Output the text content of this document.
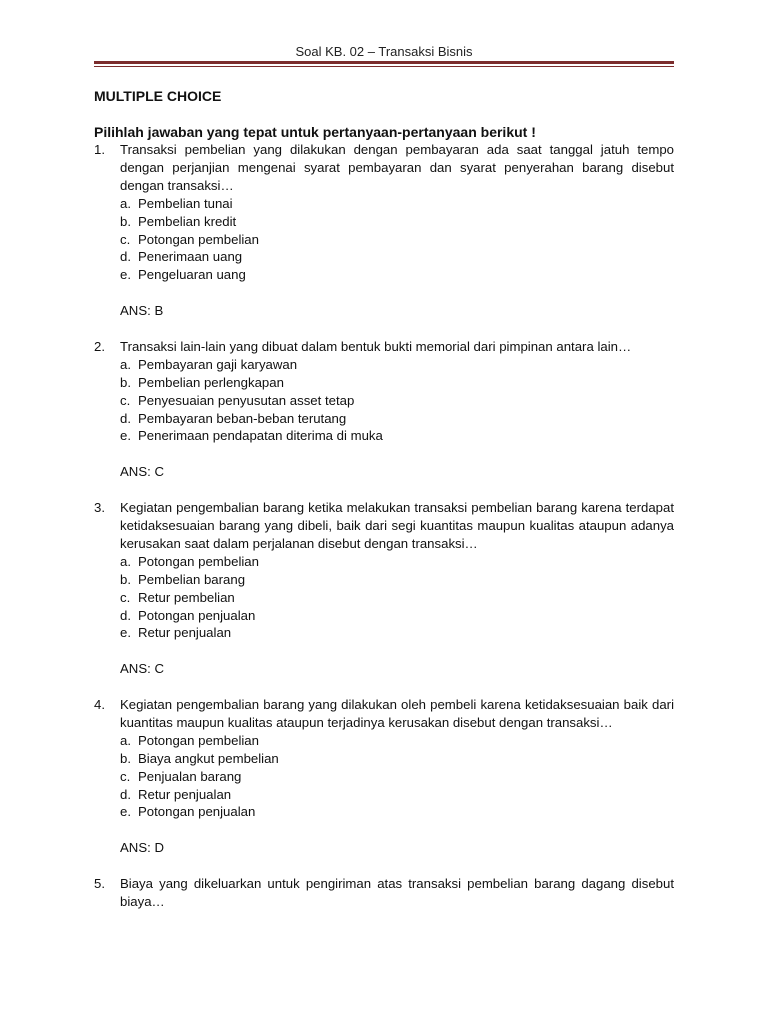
Soal KB. 02 – Transaksi Bisnis
MULTIPLE CHOICE
Pilihlah jawaban yang tepat untuk pertanyaan-pertanyaan berikut !
1.	Transaksi pembelian yang dilakukan dengan pembayaran ada saat tanggal jatuh tempo dengan perjanjian mengenai syarat pembayaran dan syarat penyerahan barang disebut dengan transaksi…
a. Pembelian tunai
b. Pembelian kredit
c. Potongan pembelian
d. Penerimaan uang
e. Pengeluaran uang
ANS: B
2.	Transaksi lain-lain yang dibuat dalam bentuk bukti memorial dari pimpinan antara lain…
a. Pembayaran gaji karyawan
b. Pembelian perlengkapan
c. Penyesuaian penyusutan asset tetap
d. Pembayaran beban-beban terutang
e. Penerimaan pendapatan diterima di muka
ANS: C
3.	Kegiatan pengembalian barang ketika melakukan transaksi pembelian barang karena terdapat ketidaksesuaian barang yang dibeli, baik dari segi kuantitas maupun kualitas ataupun adanya kerusakan saat dalam perjalanan disebut dengan transaksi…
a. Potongan pembelian
b. Pembelian barang
c. Retur pembelian
d. Potongan penjualan
e. Retur penjualan
ANS: C
4.	Kegiatan pengembalian barang yang dilakukan oleh pembeli karena ketidaksesuaian baik dari kuantitas maupun kualitas ataupun terjadinya kerusakan disebut dengan transaksi…
a. Potongan pembelian
b. Biaya angkut pembelian
c. Penjualan barang
d. Retur penjualan
e. Potongan penjualan
ANS: D
5.	Biaya yang dikeluarkan untuk pengiriman atas transaksi pembelian barang dagang disebut biaya…
